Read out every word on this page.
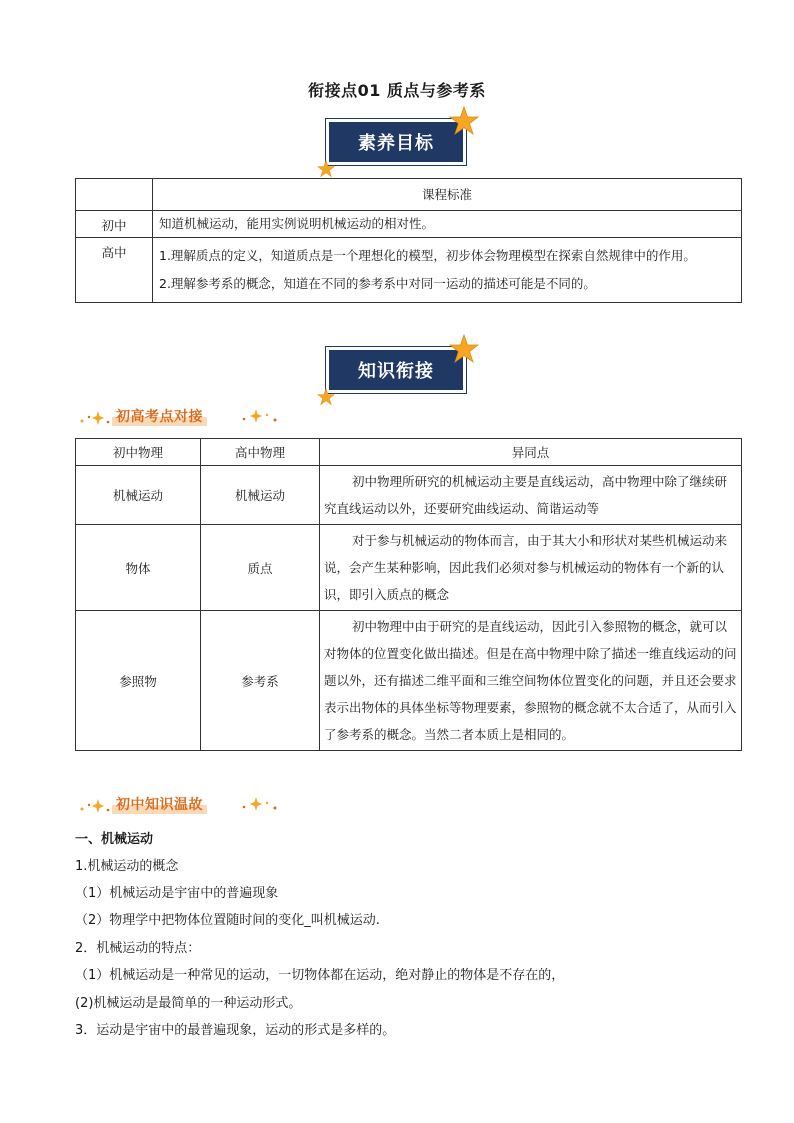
衔接点01 质点与参考系
素养目标
	课程标准
初中	知道机械运动，能用实例说明机械运动的相对性。

高中	1.理解质点的定义，知道质点是一个理想化的模型，初步体会物理模型在探索自然规律中的作用。
2.理解参考系的概念，知道在不同的参考系中对同一运动的描述可能是不同的。
知识衔接
初高考点对接
初中物理	高中物理	异同点
机械运动	机械运动	初中物理所研究的机械运动主要是直线运动，高中物理中除了继续研究直线运动以外，还要研究曲线运动、简谐运动等
物体	质点	对于参与机械运动的物体而言，由于其大小和形状对某些机械运动来说，会产生某种影响，因此我们必须对参与机械运动的物体有一个新的认识，即引入质点的概念
参照物	参考系	初中物理中由于研究的是直线运动，因此引入参照物的概念，就可以对物体的位置变化做出描述。但是在高中物理中除了描述一维直线运动的问题以外，还有描述二维平面和三维空间物体位置变化的问题，并且还会要求表示出物体的具体坐标等物理要素，参照物的概念就不太合适了，从而引入了参考系的概念。当然二者本质上是相同的。
初中知识温故
一、机械运动
1.机械运动的概念
（1）机械运动是宇宙中的普遍现象
（2）物理学中把物体位置随时间的变化_叫机械运动.
2．机械运动的特点：
（1）机械运动是一种常见的运动，一切物体都在运动，绝对静止的物体是不存在的，
(2)机械运动是最简单的一种运动形式。
3．运动是宇宙中的最普遍现象，运动的形式是多样的。
